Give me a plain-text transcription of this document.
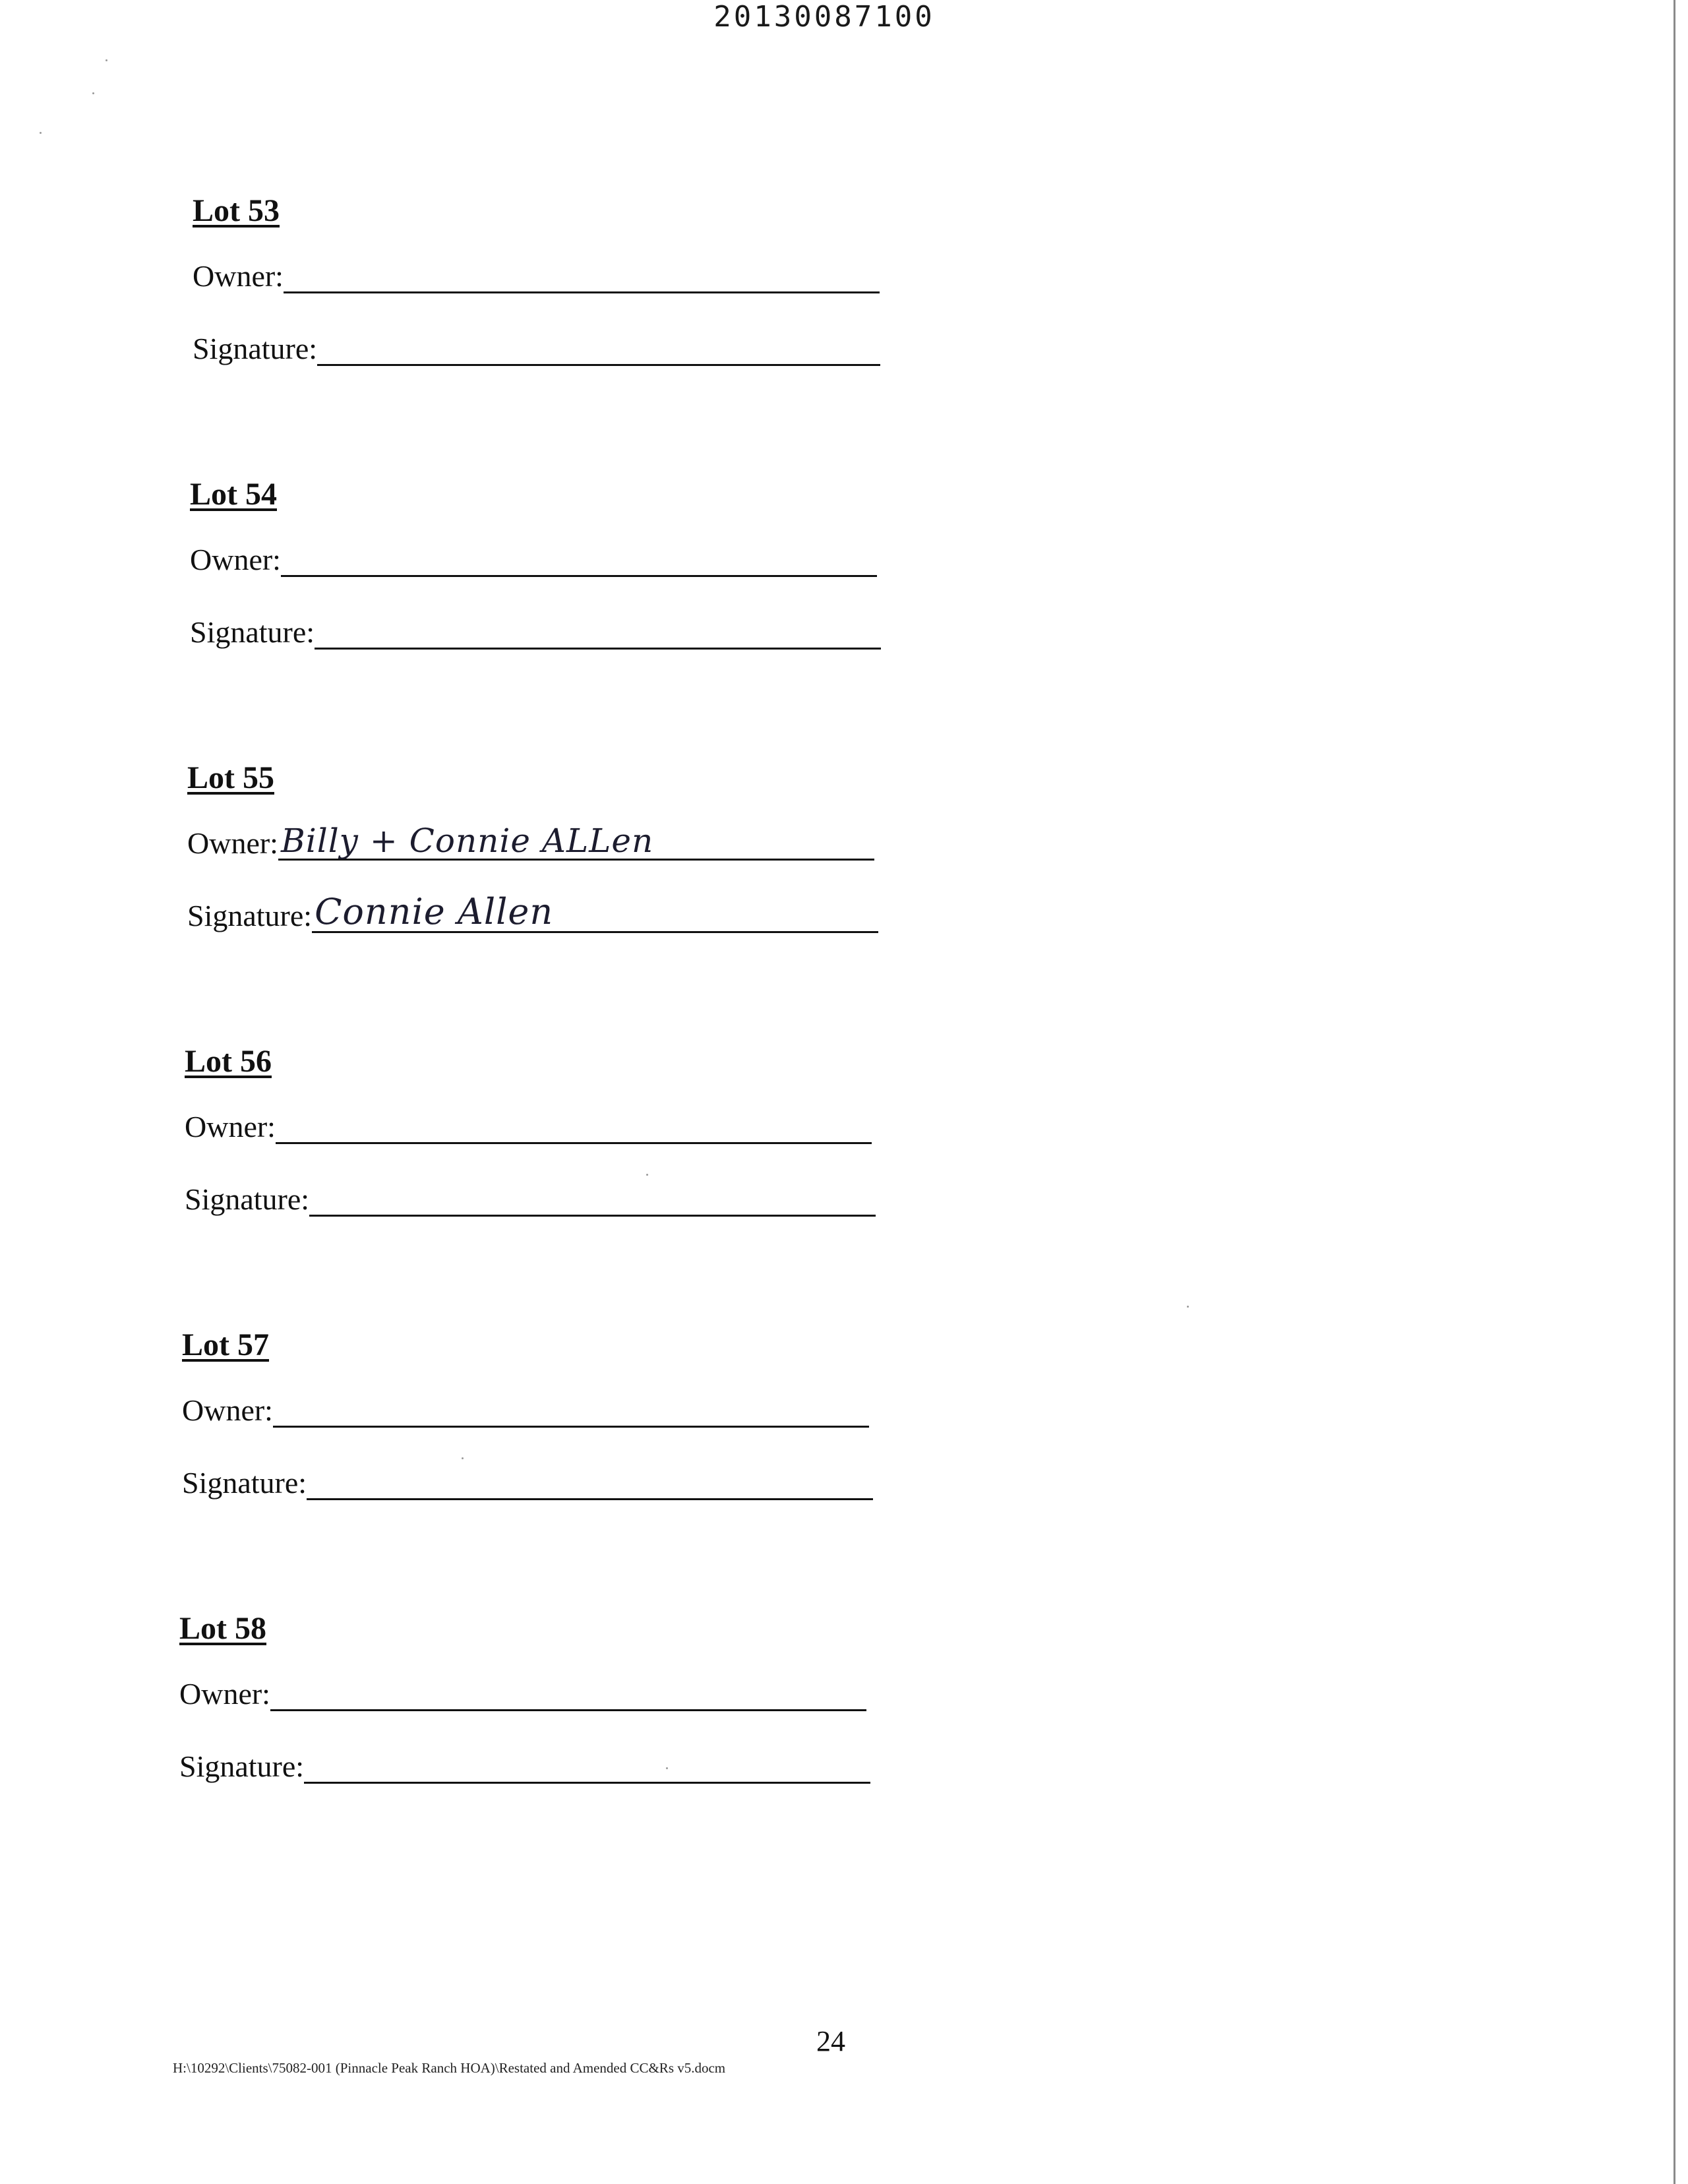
20130087100
Lot 53
Owner:
Signature:
Lot 54
Owner:
Signature:
Lot 55
Owner: Billy + Connie ALLen
Signature: Connie Allen
Lot 56
Owner:
Signature:
Lot 57
Owner:
Signature:
Lot 58
Owner:
Signature:
24
H:\10292\Clients\75082-001 (Pinnacle Peak Ranch HOA)\Restated and Amended CC&Rs v5.docm
